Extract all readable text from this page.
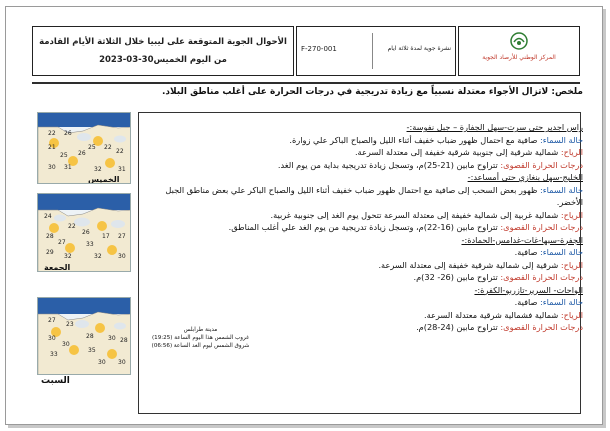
المركز الوطني للأرصاد الجوية
نشرة جوية لمدة ثلاثة ايام
F-270-001
الأحوال الجوية المتوقعة على ليبيا خلال الثلاثة الأيام القادمة
من اليوم الخميس30-03-2023
ملخص: لاتزال الأجواء معتدلة نسبياً مع زيادة تدريجية في درجات الحرارة على أغلب مناطق البلاد.
راس اجدير حتى سرت-سهل الجفارة – جبل نفوسة:-
حالة السماء: صافية مع احتمال ظهور ضباب خفيف أثناء الليل والصباح الباكر علي زوارة.
الرياح: شمالية شرقية إلى جنوبية شرقية خفيفة إلى معتدلة السرعة.
درجات الحرارة القصوى: تتراوح مابين (21-25)م، وتسجل زيادة تدريجية بداية من يوم الغد.
الخليج-سهل بنغازي حتى أمساعد:-
حالة السماء: ظهور بعض السحب إلى صافية مع احتمال ظهور ضباب خفيف أثناء الليل والصباح الباكر علي بعض مناطق الجبل الأخضر.
الرياح: شمالية غربية إلى شمالية خفيفة إلى معتدلة السرعة تتحول يوم الغد إلى جنوبية غربية.
درجات الحرارة القصوى: تتراوح مابين (16-22)م، وتسجل زيادة تدريجية من يوم الغد علي أغلب المناطق.
الجفرة-سبها-غات-غدامس-الحمادة:-
حالة السماء: صافية.
الرياح: شرقية إلى شمالية شرقية خفيفة إلى معتدلة السرعة.
درجات الحرارة القصوى: تتراوح مابين (26- 32)م.
الواحات- السرير-تازربو-الكفرة:-
حالة السماء: صافية.
الرياح: شمالية فشمالية شرقية معتدلة السرعة.
درجات الحرارة القصوى: تتراوح مابين (24-28)م.
مدينة طرابلس
غروب الشمس هذا اليوم الساعة (19:25)
شروق الشمس ليوم الغد الساعة (06:56)
22 26
21	22
25
22
25 26
30 31	32	31
الخميس
24
22
26
28	17 27
27	33
29
32	32	30
الجمعة
27
23
30	30
28
28
30
35
33
30 30
السبت
